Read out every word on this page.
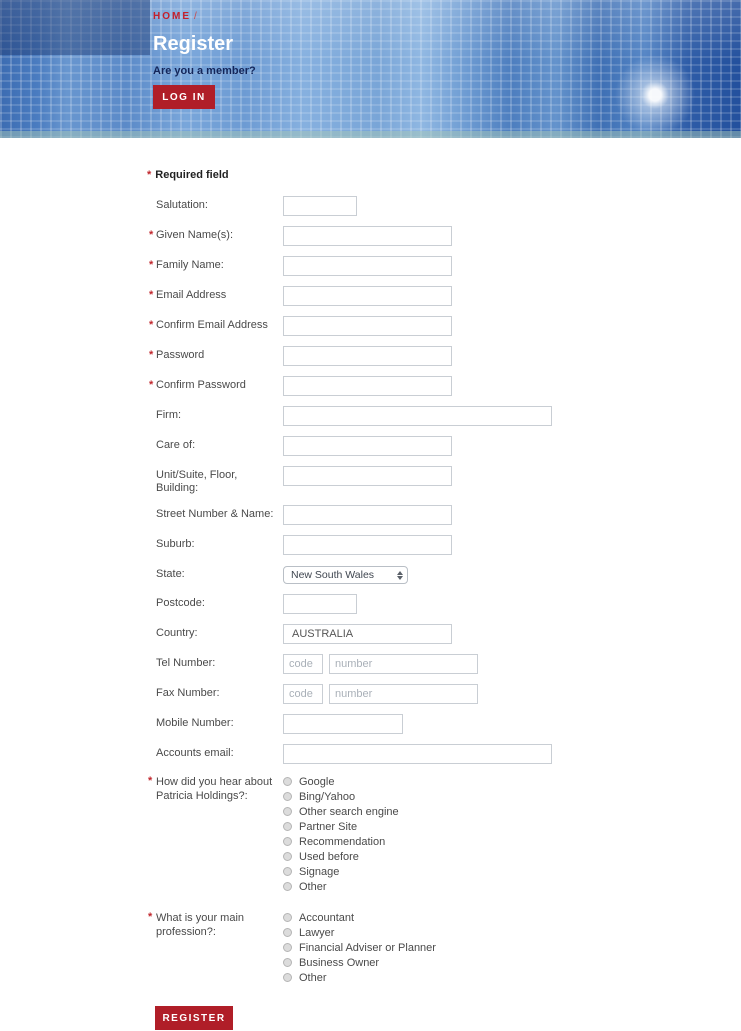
HOME /
Register
Are you a member?
LOG IN
* Required field
Salutation:
* Given Name(s):
* Family Name:
* Email Address
* Confirm Email Address
* Password
* Confirm Password
Firm:
Care of:
Unit/Suite, Floor, Building:
Street Number & Name:
Suburb:
State:	New South Wales
Postcode:
Country:
AUSTRALIA
Tel Number:
code
number
Fax Number:
code
number
Mobile Number:
Accounts email:
* How did you hear about Patricia Holdings?:
Google
Bing/Yahoo
Other search engine
Partner Site
Recommendation
Used before
Signage
Other
* What is your main profession?:
Accountant
Lawyer
Financial Adviser or Planner
Business Owner
Other
REGISTER
